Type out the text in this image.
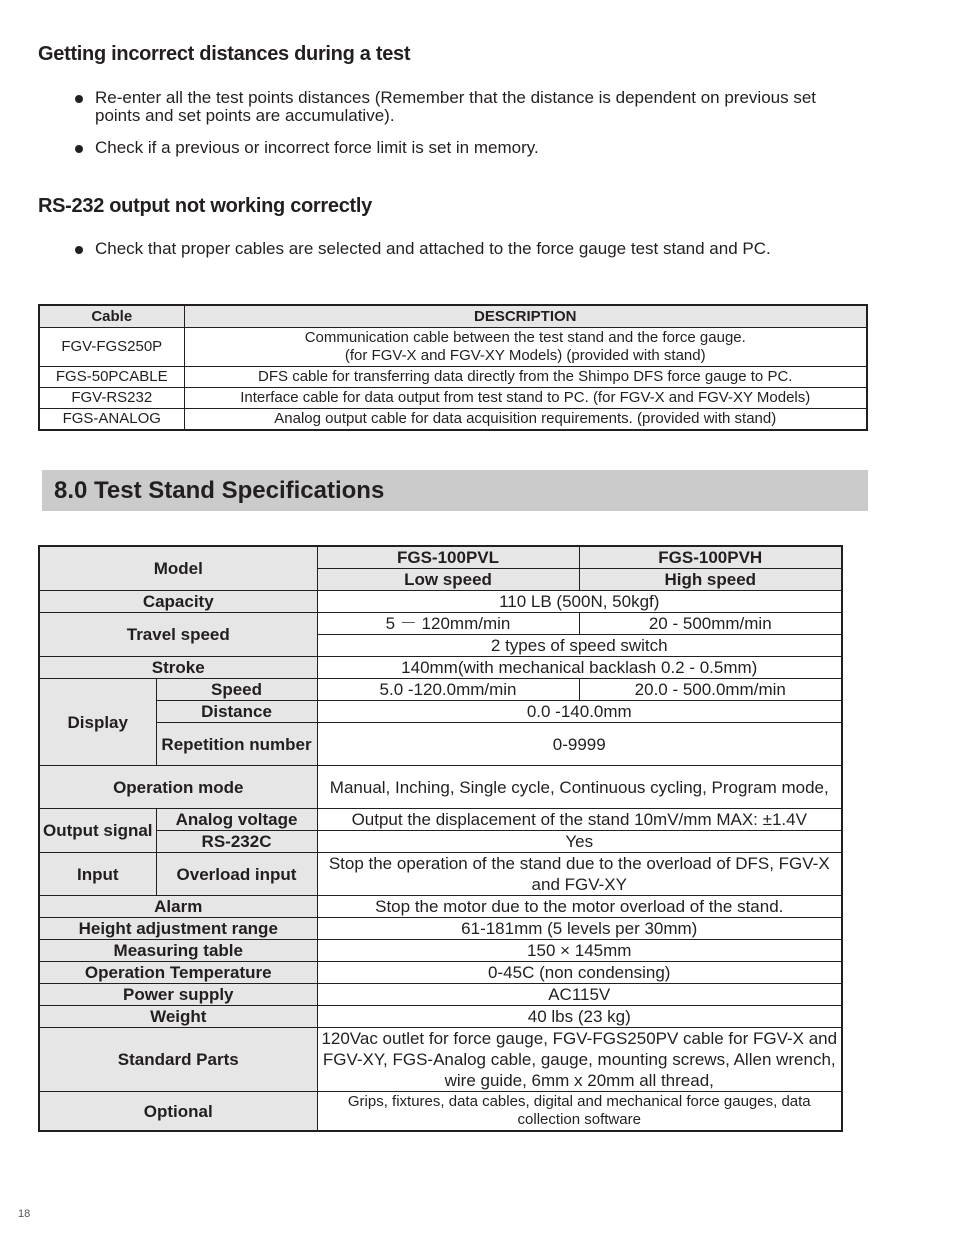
Getting incorrect distances during a test
Re-enter all the test points distances (Remember that the distance is dependent on previous set points and set points are accumulative).
Check if a previous or incorrect force limit is set in memory.
RS-232 output not working correctly
Check that proper cables are selected and attached to the force gauge test stand and PC.
Cable	DESCRIPTION
FGV-FGS250P	Communication cable between the test stand and the force gauge.
(for FGV-X and FGV-XY Models) (provided with stand)

FGS-50PCABLE	DFS cable for transferring data directly from the Shimpo DFS force gauge to PC.
FGV-RS232	Interface cable for data output from test stand to PC. (for FGV-X and FGV-XY Models)
FGS-ANALOG	Analog output cable for data acquisition requirements. (provided with stand)
8.0 Test Stand Specifications
Model		FGS-100PVL	FGS-100PVH
		Low speed	High speed
Capacity		110 LB (500N, 50kgf)	
Travel speed		5 － 120mm/min	20 - 500mm/min
		2 types of speed switch	
Stroke		140mm(with mechanical backlash 0.2 - 0.5mm)	
Display	Speed	5.0 -120.0mm/min	20.0 - 500.0mm/min
	Distance	0.0 -140.0mm	
	Repetition number	0-9999	
Operation mode		Manual, Inching, Single cycle, Continuous cycling, Program mode,	
Output signal	Analog voltage	Output the displacement of the stand 10mV/mm MAX: ±1.4V	
	RS-232C	Yes	
Input	Overload input	Stop the operation of the stand due to the overload of DFS, FGV-X and FGV-XY	
Alarm		Stop the motor due to the motor overload of the stand.	
Height adjustment range		61-181mm (5 levels per 30mm)	
Measuring table		150 × 145mm	
Operation Temperature		0-45C (non condensing)	
Power supply		AC115V	
Weight		40 lbs (23 kg)	
Standard Parts		120Vac outlet for force gauge, FGV-FGS250PV cable for FGV-X and FGV-XY, FGS-Analog cable, gauge, mounting screws, Allen wrench, wire guide, 6mm x 20mm all thread,	
Optional		Grips, fixtures, data cables, digital and mechanical force gauges, data collection software	
18
